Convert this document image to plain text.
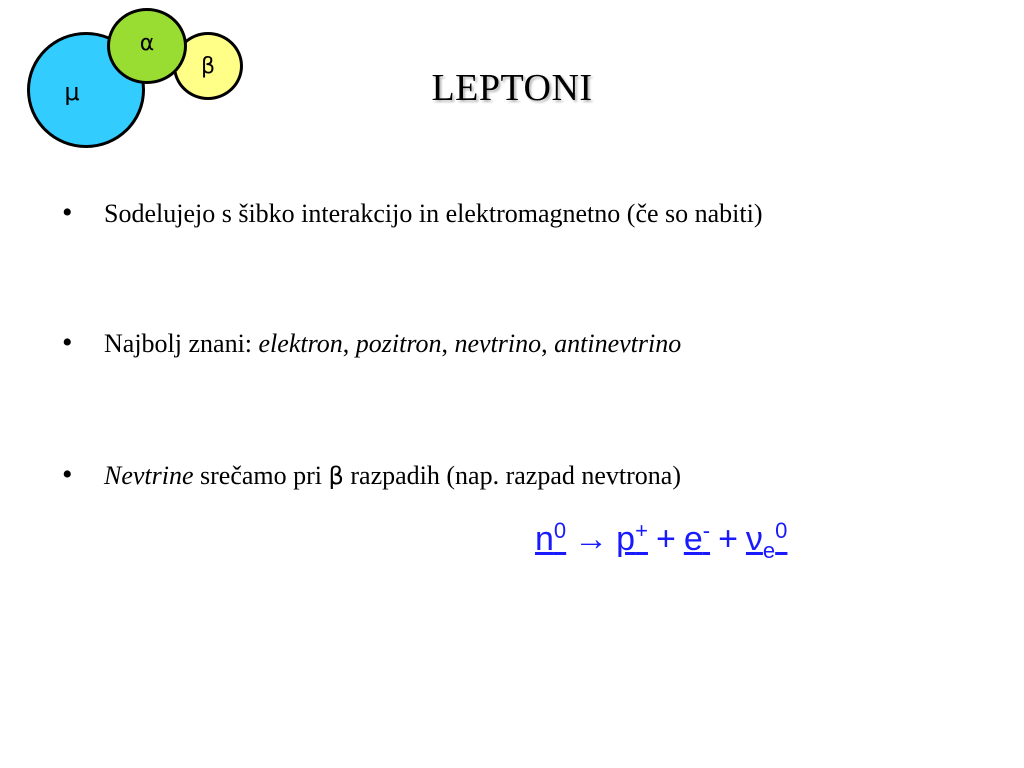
μ
α
β
LEPTONI
•	Sodelujejo s šibko interakcijo in elektromagnetno (če so nabiti)
•	Najbolj znani: elektron, pozitron, nevtrino, antinevtrino
•	Nevtrine srečamo pri β razpadih (nap. razpad nevtrona)
$n^0 \to p^+ + e^- + \nu_e^0$
